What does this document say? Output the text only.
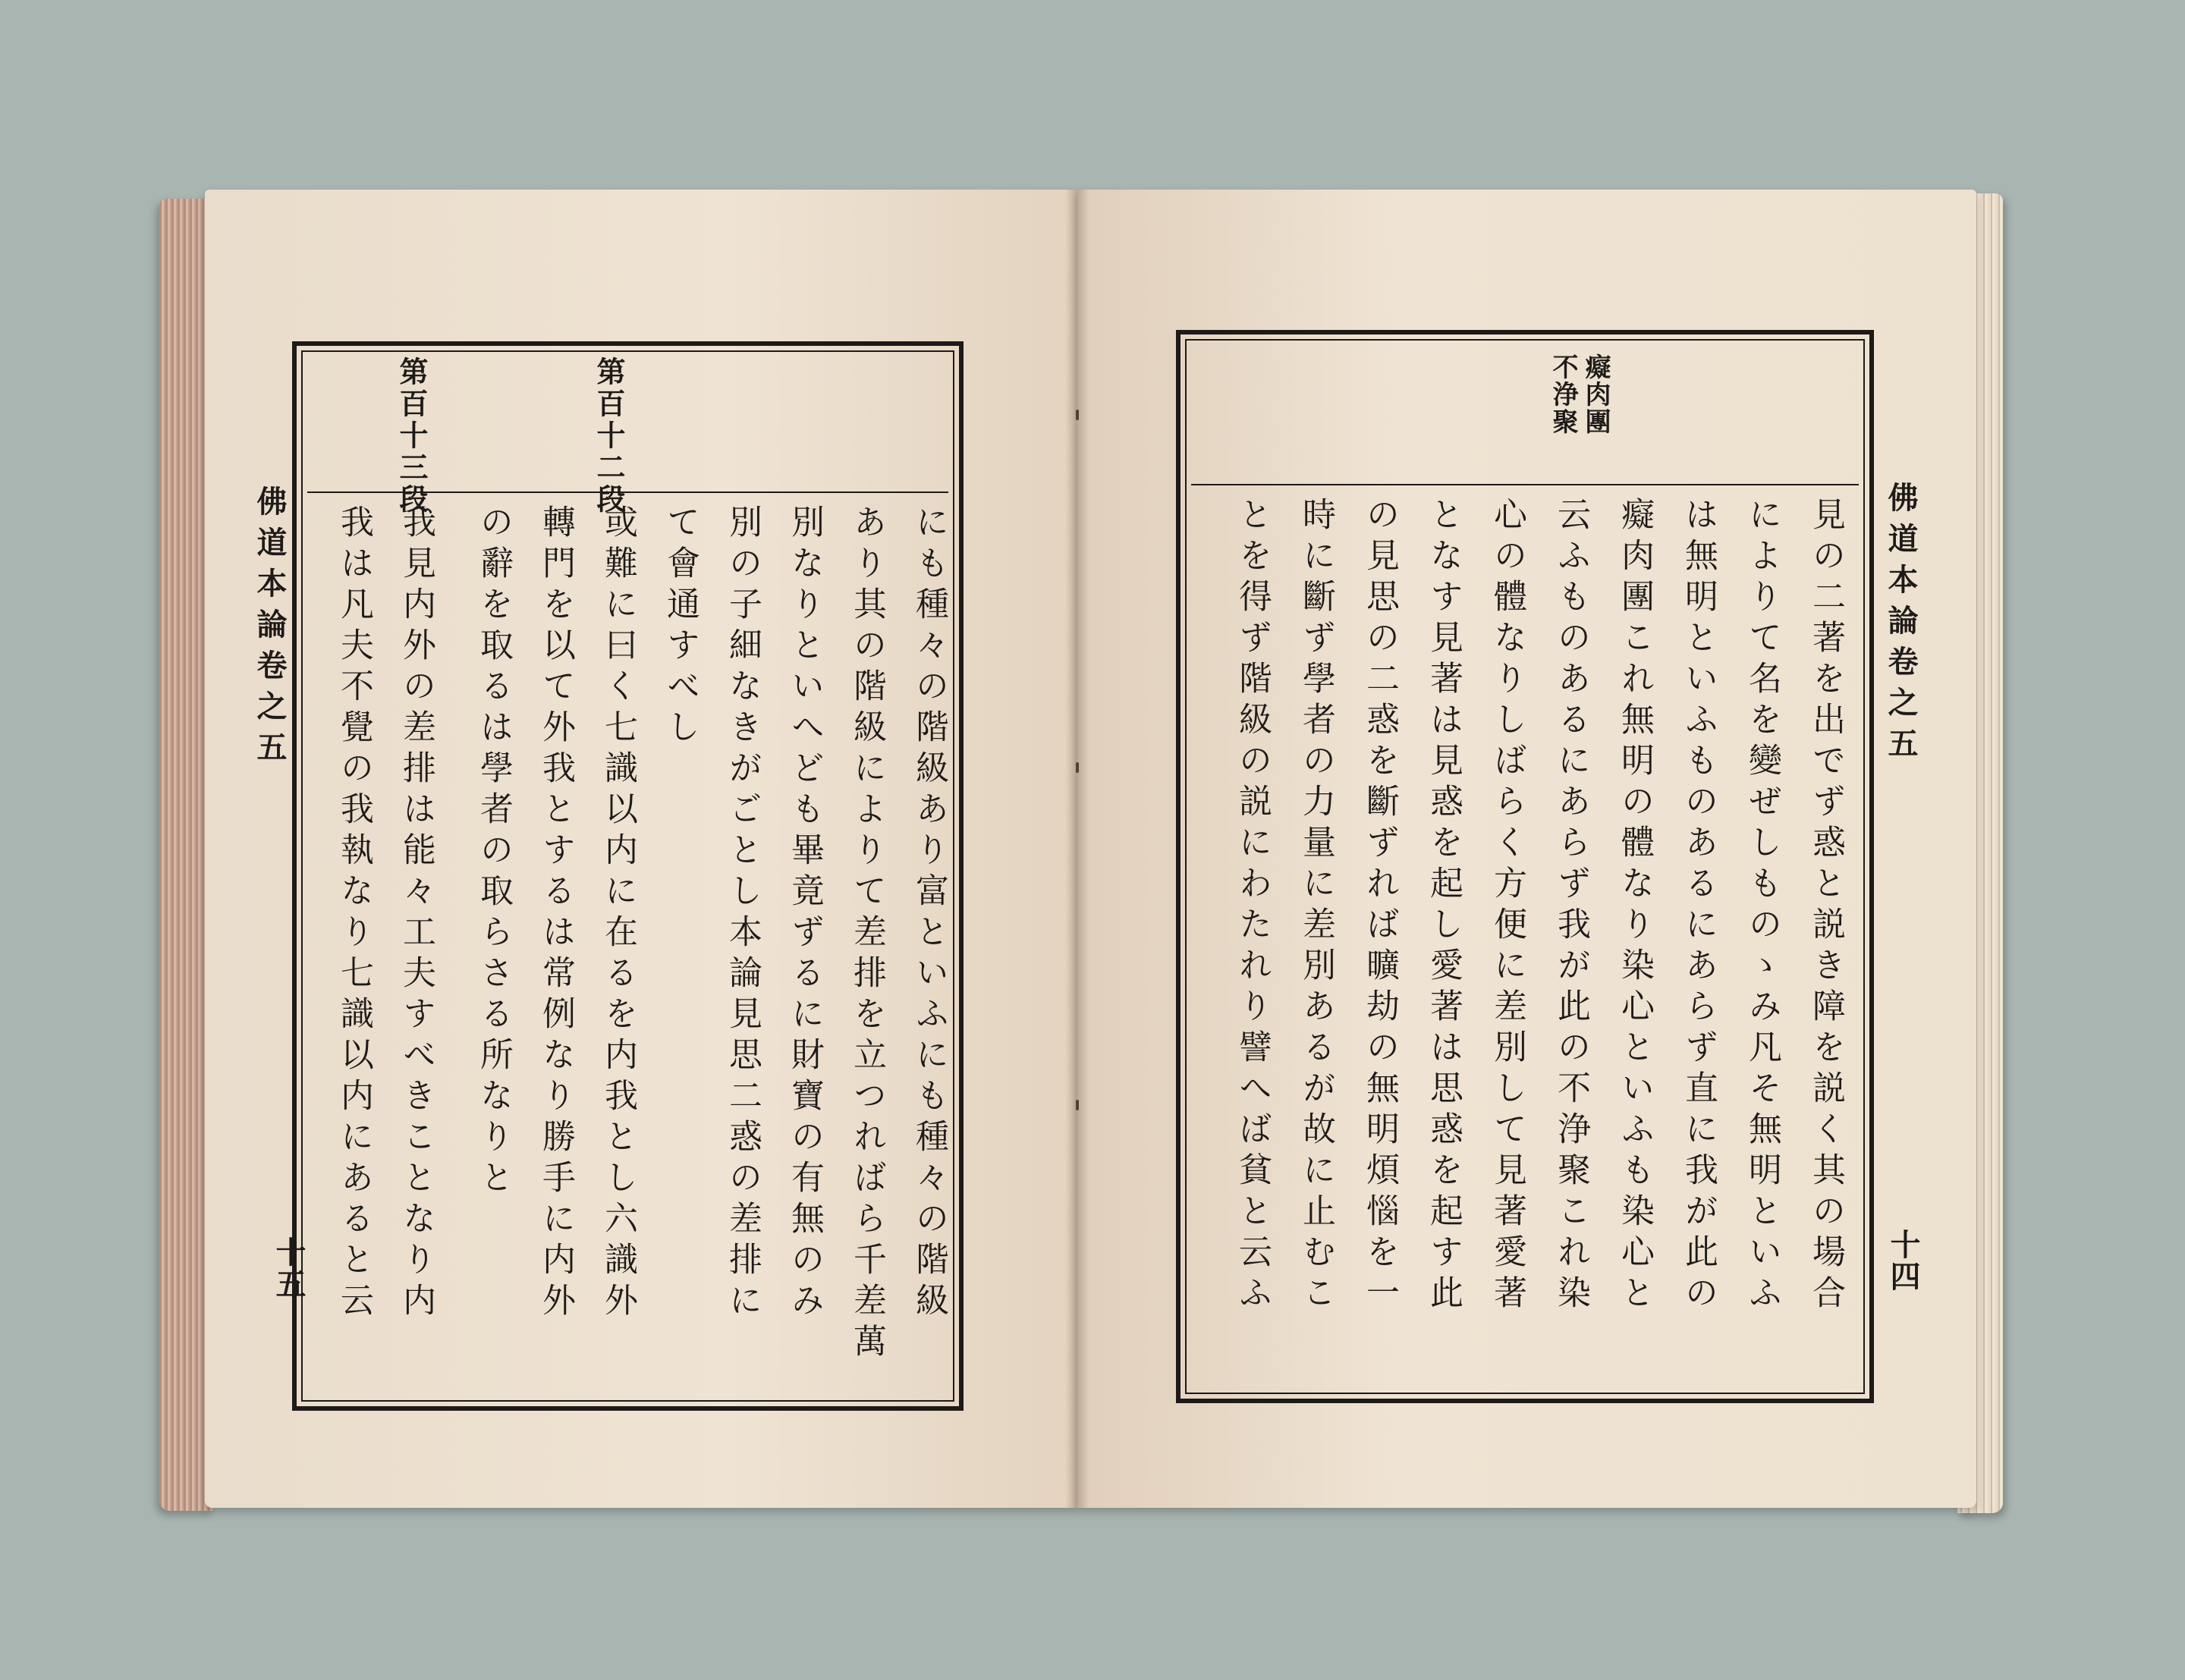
佛道本論卷之五
十五
第百十二段
第百十三段
にも種々の階級あり富といふにも種々の階級
あり其の階級によりて差排を立つればら千差萬
別なりといへども畢竟ずるに財寶の有無のみ
別の子細なきがごとし本論見思二惑の差排に
て會通すべし
或難に曰く七識以内に在るを内我とし六識外
轉門を以て外我とするは常例なり勝手に内外
の辭を取るは學者の取らさる所なりと
我見内外の差排は能々工夫すべきことなり内
我は凡夫不覺の我執なり七識以内にあると云	佛道本論卷之五
十四
癡肉團
不浄聚
見の二著を出でず惑と説き障を説く其の場合
によりて名を變ぜしものゝみ凡そ無明といふ
は無明といふものあるにあらず直に我が此の
癡肉團これ無明の體なり染心といふも染心と
云ふものあるにあらず我が此の不浄聚これ染
心の體なりしばらく方便に差別して見著愛著
となす見著は見惑を起し愛著は思惑を起す此
の見思の二惑を斷ずれば曠劫の無明煩惱を一
時に斷ず學者の力量に差別あるが故に止むこ
とを得ず階級の説にわたれり譬へば貧と云ふ
